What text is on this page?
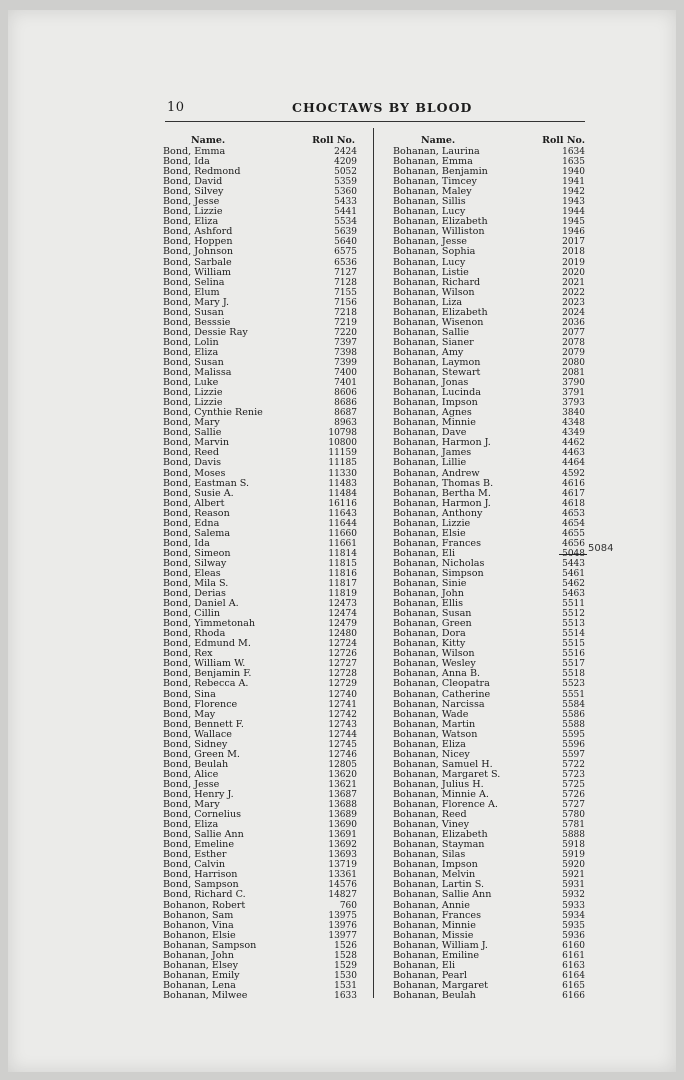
10	CHOCTAWS BY BLOOD
Name.	Roll No.
Bond, Emma	2424
Bond, Ida	4209
Bond, Redmond	5052
Bond, David	5359
Bond, Silvey	5360
Bond, Jesse	5433
Bond, Lizzie	5441
Bond, Eliza	5534
Bond, Ashford	5639
Bond, Hoppen	5640
Bond, Johnson	6575
Bond, Sarbale	6536
Bond, William	7127
Bond, Selina	7128
Bond, Elum	7155
Bond, Mary J.	7156
Bond, Susan	7218
Bond, Besssie	7219
Bond, Dessie Ray	7220
Bond, Lolin	7397
Bond, Eliza	7398
Bond, Susan	7399
Bond, Malissa	7400
Bond, Luke	7401
Bond, Lizzie	8606
Bond, Lizzie	8686
Bond, Cynthie Renie	8687
Bond, Mary	8963
Bond, Sallie	10798
Bond, Marvin	10800
Bond, Reed	11159
Bond, Davis	11185
Bond, Moses	11330
Bond, Eastman S.	11483
Bond, Susie A.	11484
Bond, Albert	16116
Bond, Reason	11643
Bond, Edna	11644
Bond, Salema	11660
Bond, Ida	11661
Bond, Simeon	11814
Bond, Silway	11815
Bond, Eleas	11816
Bond, Mila S.	11817
Bond, Derias	11819
Bond, Daniel A.	12473
Bond, Cillin	12474
Bond, Yimmetonah	12479
Bond, Rhoda	12480
Bond, Edmund M.	12724
Bond, Rex	12726
Bond, William W.	12727
Bond, Benjamin F.	12728
Bond, Rebecca A.	12729
Bond, Sina	12740
Bond, Florence	12741
Bond, May	12742
Bond, Bennett F.	12743
Bond, Wallace	12744
Bond, Sidney	12745
Bond, Green M.	12746
Bond, Beulah	12805
Bond, Alice	13620
Bond, Jesse	13621
Bond, Henry J.	13687
Bond, Mary	13688
Bond, Cornelius	13689
Bond, Eliza	13690
Bond, Sallie Ann	13691
Bond, Emeline	13692
Bond, Esther	13693
Bond, Calvin	13719
Bond, Harrison	13361
Bond, Sampson	14576
Bond, Richard C.	14827
Bohanon, Robert	760
Bohanon, Sam	13975
Bohanon, Vina	13976
Bohanon, Elsie	13977
Bohanan, Sampson	1526
Bohanan, John	1528
Bohanan, Elsey	1529
Bohanan, Emily	1530
Bohanan, Lena	1531
Bohanan, Milwee	1633
Name.	Roll No.
Bohanan, Laurina	1634
Bohanan, Emma	1635
Bohanan, Benjamin	1940
Bohanan, Timcey	1941
Bohanan, Maley	1942
Bohanan, Sillis	1943
Bohanan, Lucy	1944
Bohanan, Elizabeth	1945
Bohanan, Williston	1946
Bohanan, Jesse	2017
Bohanan, Sophia	2018
Bohanan, Lucy	2019
Bohanan, Listie	2020
Bohanan, Richard	2021
Bohanan, Wilson	2022
Bohanan, Liza	2023
Bohanan, Elizabeth	2024
Bohanan, Wisenon	2036
Bohanan, Sallie	2077
Bohanan, Sianer	2078
Bohanan, Amy	2079
Bohanan, Laymon	2080
Bohanan, Stewart	2081
Bohanan, Jonas	3790
Bohanan, Lucinda	3791
Bohanan, Impson	3793
Bohanan, Agnes	3840
Bohanan, Minnie	4348
Bohanan, Dave	4349
Bohanan, Harmon J.	4462
Bohanan, James	4463
Bohanan, Lillie	4464
Bohanan, Andrew	4592
Bohanan, Thomas B.	4616
Bohanan, Bertha M.	4617
Bohanan, Harmon J.	4618
Bohanan, Anthony	4653
Bohanan, Lizzie	4654
Bohanan, Elsie	4655
Bohanan, Frances	4656
Bohanan, Eli	5048
Bohanan, Nicholas	5443
Bohanan, Simpson	5461
Bohanan, Sinie	5462
Bohanan, John	5463
Bohanan, Ellis	5511
Bohanan, Susan	5512
Bohanan, Green	5513
Bohanan, Dora	5514
Bohanan, Kitty	5515
Bohanan, Wilson	5516
Bohanan, Wesley	5517
Bohanan, Anna B.	5518
Bohanan, Cleopatra	5523
Bohanan, Catherine	5551
Bohanan, Narcissa	5584
Bohanan, Wade	5586
Bohanan, Martin	5588
Bohanan, Watson	5595
Bohanan, Eliza	5596
Bohanan, Nicey	5597
Bohanan, Samuel H.	5722
Bohanan, Margaret S.	5723
Bohanan, Julius H.	5725
Bohanan, Minnie A.	5726
Bohanan, Florence A.	5727
Bohanan, Reed	5780
Bohanan, Viney	5781
Bohanan, Elizabeth	5888
Bohanan, Stayman	5918
Bohanan, Silas	5919
Bohanan, Impson	5920
Bohanan, Melvin	5921
Bohanan, Lartin S.	5931
Bohanan, Sallie Ann	5932
Bohanan, Annie	5933
Bohanan, Frances	5934
Bohanan, Minnie	5935
Bohanan, Missie	5936
Bohanan, William J.	6160
Bohanan, Emiline	6161
Bohanan, Eli	6163
Bohanan, Pearl	6164
Bohanan, Margaret	6165
Bohanan, Beulah	6166
5084
